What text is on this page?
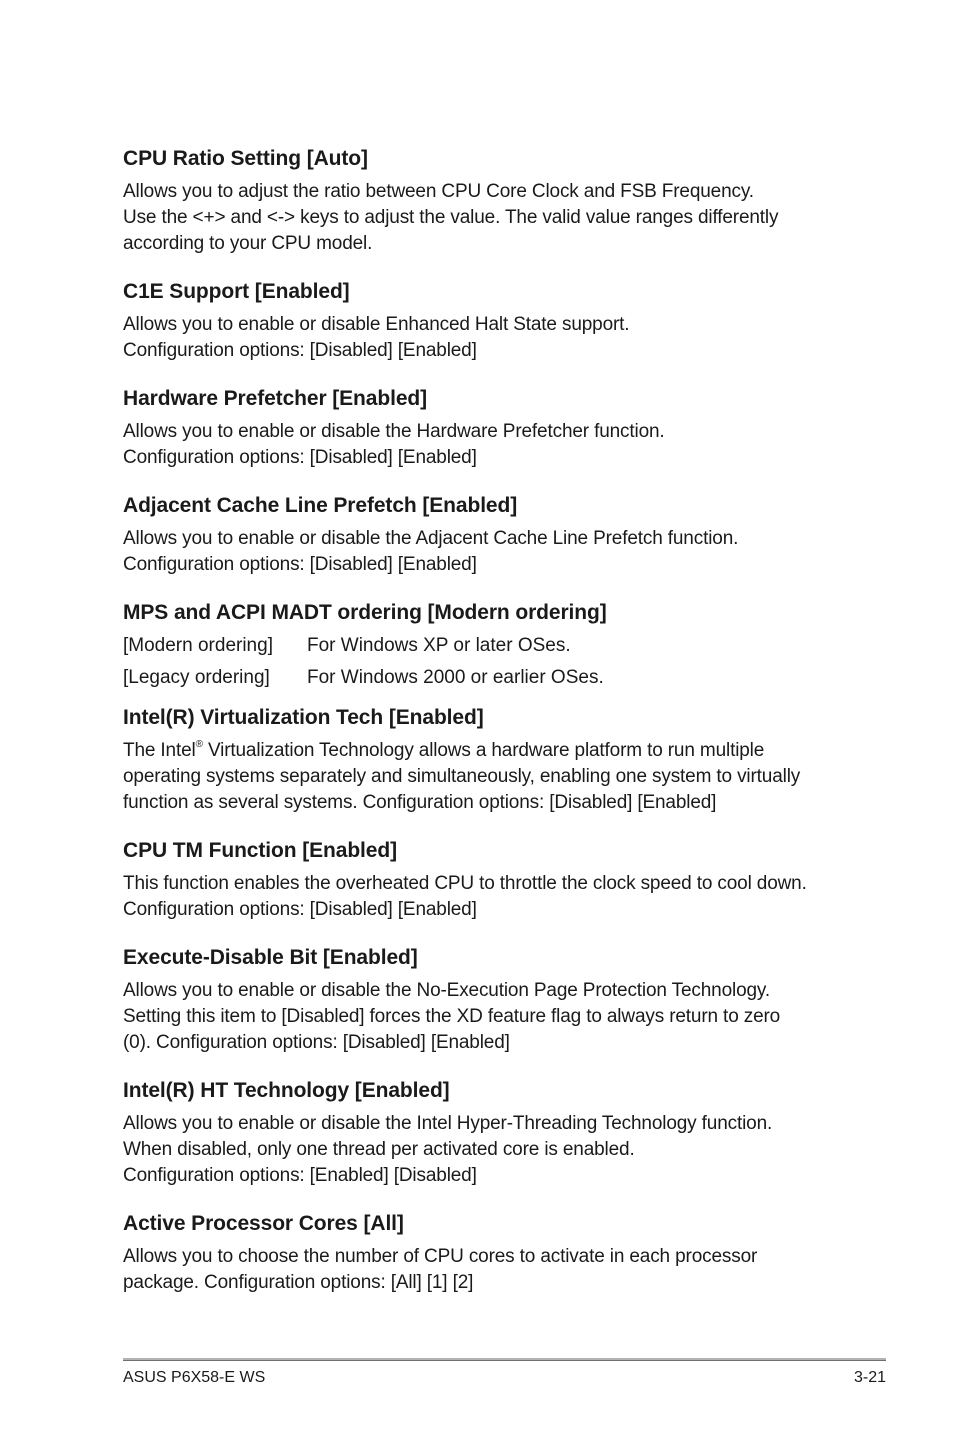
CPU Ratio Setting [Auto]

Allows you to adjust the ratio between CPU Core Clock and FSB Frequency.
Use the <+> and <-> keys to adjust the value. The valid value ranges differently
according to your CPU model.

C1E Support [Enabled]

Allows you to enable or disable Enhanced Halt State support.
Configuration options: [Disabled] [Enabled]

Hardware Prefetcher [Enabled]

Allows you to enable or disable the Hardware Prefetcher function.
Configuration options: [Disabled] [Enabled]

Adjacent Cache Line Prefetch [Enabled]

Allows you to enable or disable the Adjacent Cache Line Prefetch function.
Configuration options: [Disabled] [Enabled]

MPS and ACPI MADT ordering [Modern ordering]
[Modern ordering]	For Windows XP or later OSes.
[Legacy ordering]	For Windows 2000 or earlier OSes.
Intel(R) Virtualization Tech [Enabled]

The Intel® Virtualization Technology allows a hardware platform to run multiple
operating systems separately and simultaneously, enabling one system to virtually
function as several systems. Configuration options: [Disabled] [Enabled]

CPU TM Function [Enabled]

This function enables the overheated CPU to throttle the clock speed to cool down.
Configuration options: [Disabled] [Enabled]

Execute-Disable Bit [Enabled]

Allows you to enable or disable the No-Execution Page Protection Technology.
Setting this item to [Disabled] forces the XD feature flag to always return to zero
(0). Configuration options: [Disabled] [Enabled]

Intel(R) HT Technology [Enabled]

Allows you to enable or disable the Intel Hyper-Threading Technology function.
When disabled, only one thread per activated core is enabled.
Configuration options: [Enabled] [Disabled]

Active Processor Cores [All]

Allows you to choose the number of CPU cores to activate in each processor
package. Configuration options: [All] [1] [2]

ASUS P6X58-E WS	3-21
